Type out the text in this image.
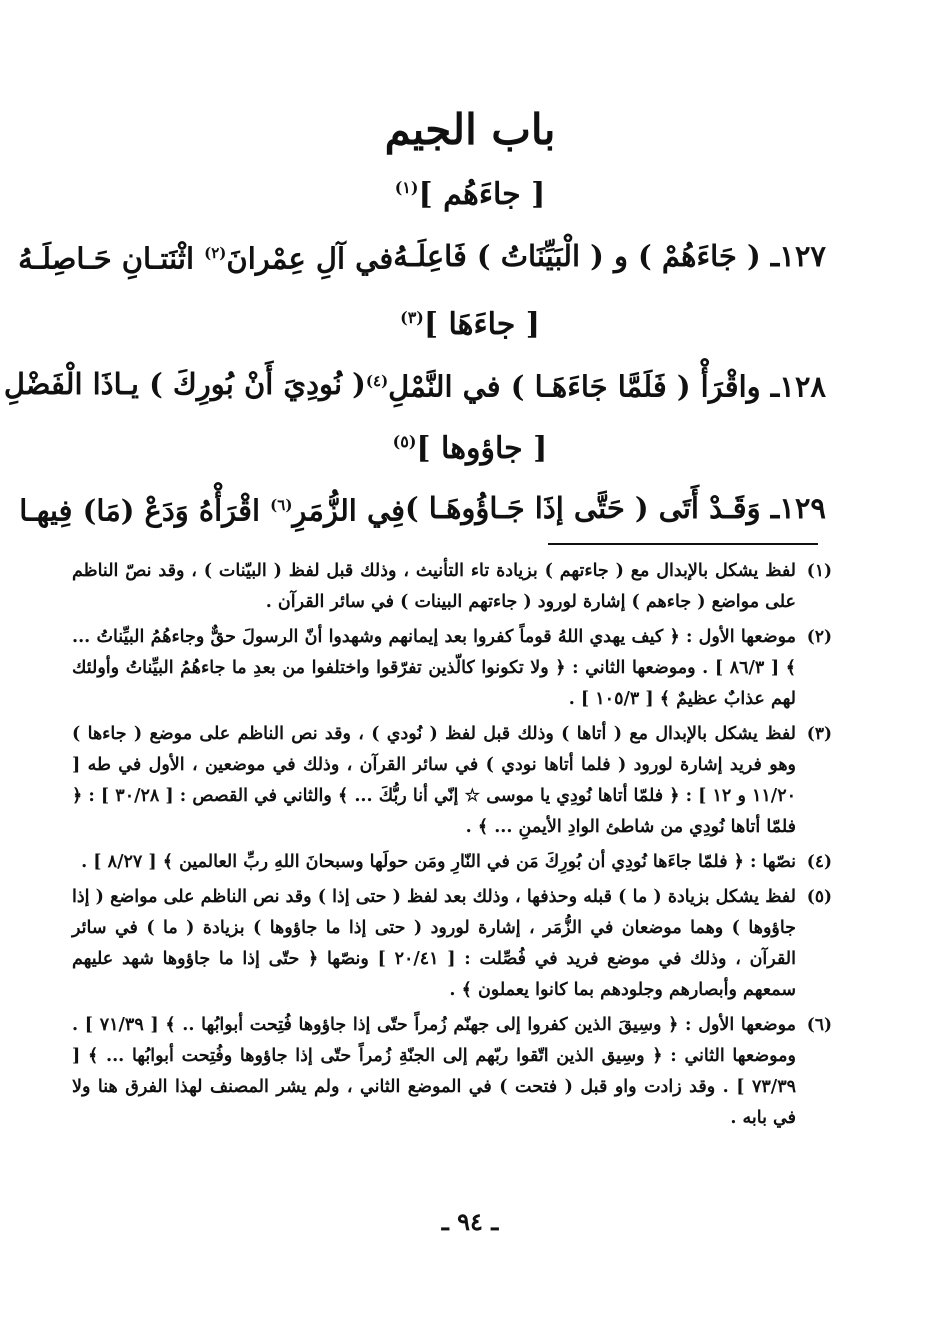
باب الجيم
[ جاءَهُم ]$^{(١)}$
١٢٧ـ ( جَاءَهُمْ ) و ( الْبَيِّنَاتُ ) فَاعِلَـهُ
في آلِ عِمْرانَ$^{(٢)}$ اثْنَتـانِ حَـاصِلَـهُ
[ جاءَهَا ]$^{(٣)}$
١٢٨ـ واقْرَأْ ( فَلَمَّا جَاءَهَـا ) في النَّمْلِ$^{(٤)}$
( نُودِيَ أَنْ بُورِكَ ) يـاذَا الْفَضْلِ
[ جاؤوها ]$^{(٥)}$
١٢٩ـ وَقَـدْ أَتَى ( حَتَّى إذَا جَـاؤُوهَـا )
فِي الزُّمَرِ$^{(٦)}$ اقْرَأْهُ وَدَعْ (مَا) فِيهـا
(١)
لفظ يشكل بالإبدال مع ( جاءتهم ) بزيادة تاء التأنيث ، وذلك قبل لفظ ( البيّنات ) ، وقد نصّ الناظم على مواضع ( جاءهم ) إشارة لورود ( جاءتهم البينات ) في سائر القرآن .
(٢)
موضعها الأول : ﴿ كيف يهدي اللهُ قوماً كفروا بعد إيمانهم وشهدوا أنّ الرسولَ حقٌّ وجاءهُمُ البيِّناتُ ... ﴾ [ ٨٦/٣ ] . وموضعها الثاني : ﴿ ولا تكونوا كالّذين تفرّقوا واختلفوا من بعدِ ما جاءهُمُ البيِّناتُ وأولئك لهم عذابٌ عظيمٌ ﴾ [ ١٠٥/٣ ] .
(٣)
لفظ يشكل بالإبدال مع ( أتاها ) وذلك قبل لفظ ( نُودي ) ، وقد نص الناظم على موضع ( جاءها ) وهو فريد إشارة لورود ( فلما أتاها نودي ) في سائر القرآن ، وذلك في موضعين ، الأول في طه [ ١١/٢٠ و ١٢ ] : ﴿ فلمّا أتاها نُودِي يا موسى ☆ إنّي أنا ربُّكَ ... ﴾ والثاني في القصص : [ ٣٠/٢٨ ] : ﴿ فلمّا أتاها نُودِي من شاطئ الوادِ الأيمنِ ... ﴾ .
(٤)
نصّها : ﴿ فلمّا جاءَها نُودِي أن بُورِكَ مَن في النّارِ ومَن حولَها وسبحانَ اللهِ ربِّ العالمين ﴾ [ ٨/٢٧ ] .
(٥)
لفظ يشكل بزيادة ( ما ) قبله وحذفها ، وذلك بعد لفظ ( حتى إذا ) وقد نص الناظم على مواضع ( إذا جاؤوها ) وهما موضعان في الزُّمَر ، إشارة لورود ( حتى إذا ما جاؤوها ) بزيادة ( ما ) في سائر القرآن ، وذلك في موضع فريد في فُصِّلت : [ ٢٠/٤١ ] ونصّها ﴿ حتّى إذا ما جاؤوها شهد عليهم سمعهم وأبصارهم وجلودهم بما كانوا يعملون ﴾ .
(٦)
موضعها الأول : ﴿ وسِيقَ الذين كفروا إلى جهنّم زُمراً حتّى إذا جاؤوها فُتِحت أبوابُها .. ﴾ [ ٧١/٣٩ ] . وموضعها الثاني : ﴿ وسِيق الذين اتّقوا ربّهم إلى الجنّةِ زُمراً حتّى إذا جاؤوها وفُتِحت أبوابُها ... ﴾ [ ٧٣/٣٩ ] . وقد زادت واو قبل ( فتحت ) في الموضع الثاني ، ولم يشر المصنف لهذا الفرق هنا ولا في بابه .
ـ ٩٤ ـ
